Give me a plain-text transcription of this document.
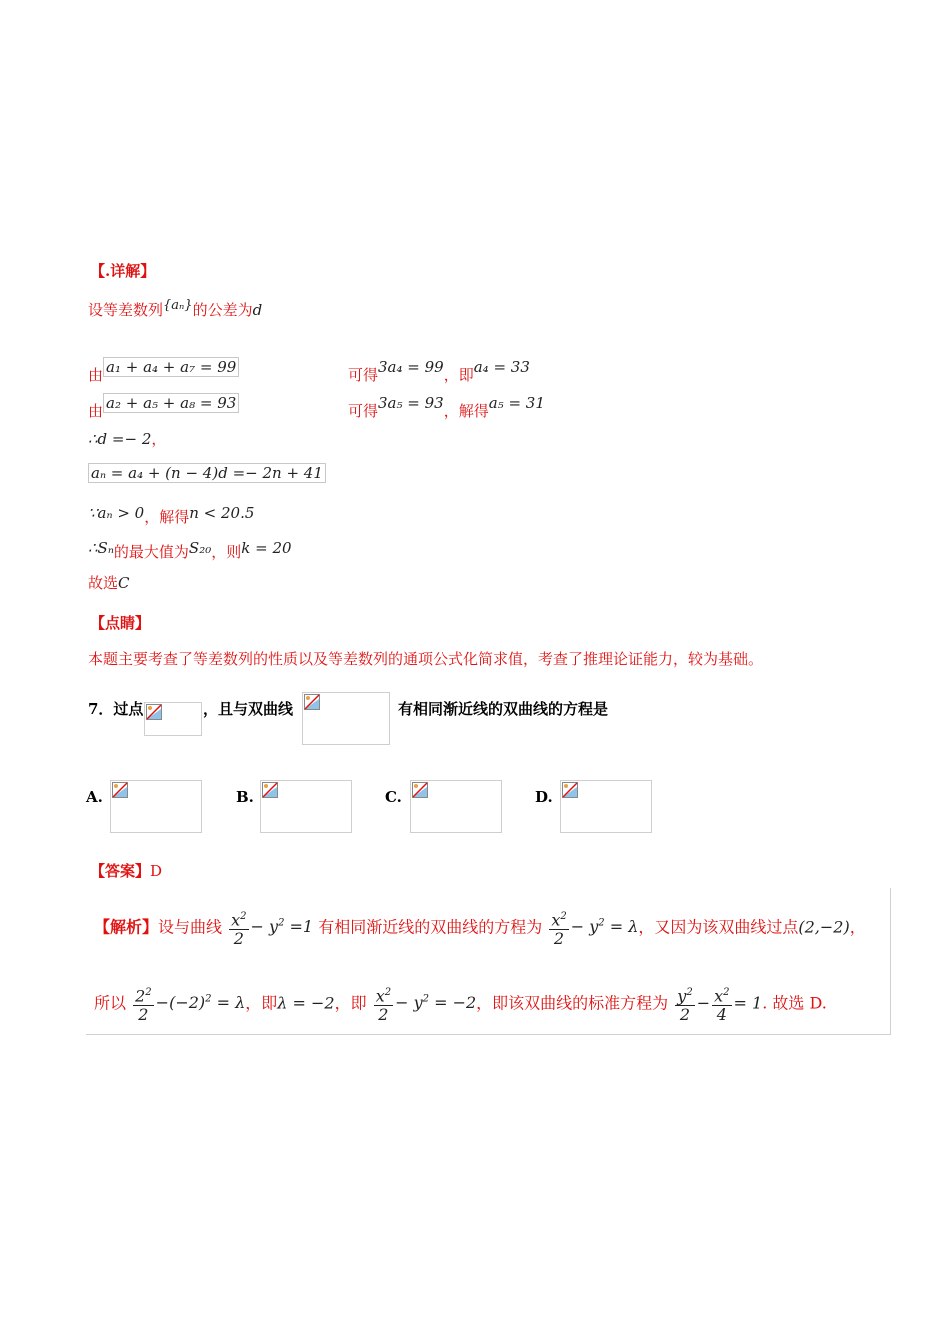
【.详解】
设等差数列$^{\{a_n\}}$的公差为d
由 a₁ + a₄ + a₇ = 99	可得3a₄ = 99，即a₄ = 33
由 a₂ + a₅ + a₈ = 93	可得3a₅ = 93，解得a₅ = 31
∴d =− 2，
aₙ = a₄ + (n − 4)d =− 2n + 41
∵aₙ > 0，解得n < 20.5
∴Sₙ的最大值为S₂₀，则k = 20
故选C
【点睛】
本题主要考查了等差数列的性质以及等差数列的通项公式化简求值，考查了推理论证能力，较为基础。
7．过点	，且与双曲线	有相同渐近线的双曲线的方程是
A.	B.	C.	D.
【答案】D
【解析】设与曲线 $\frac{x^2}{2} - y^2 =1$ 有相同渐近线的双曲线的方程为 $\frac{x^2}{2} - y^2 = \lambda$，又因为该双曲线过点(2,−2)，
所以 $\frac{2^2}{2} -(-2)^2 = \lambda$，即λ = −2，即 $\frac{x^2}{2} - y^2 = -2$，即该双曲线的标准方程为 $\frac{y^2}{2} - \frac{x^2}{4} = 1$. 故选 D.
